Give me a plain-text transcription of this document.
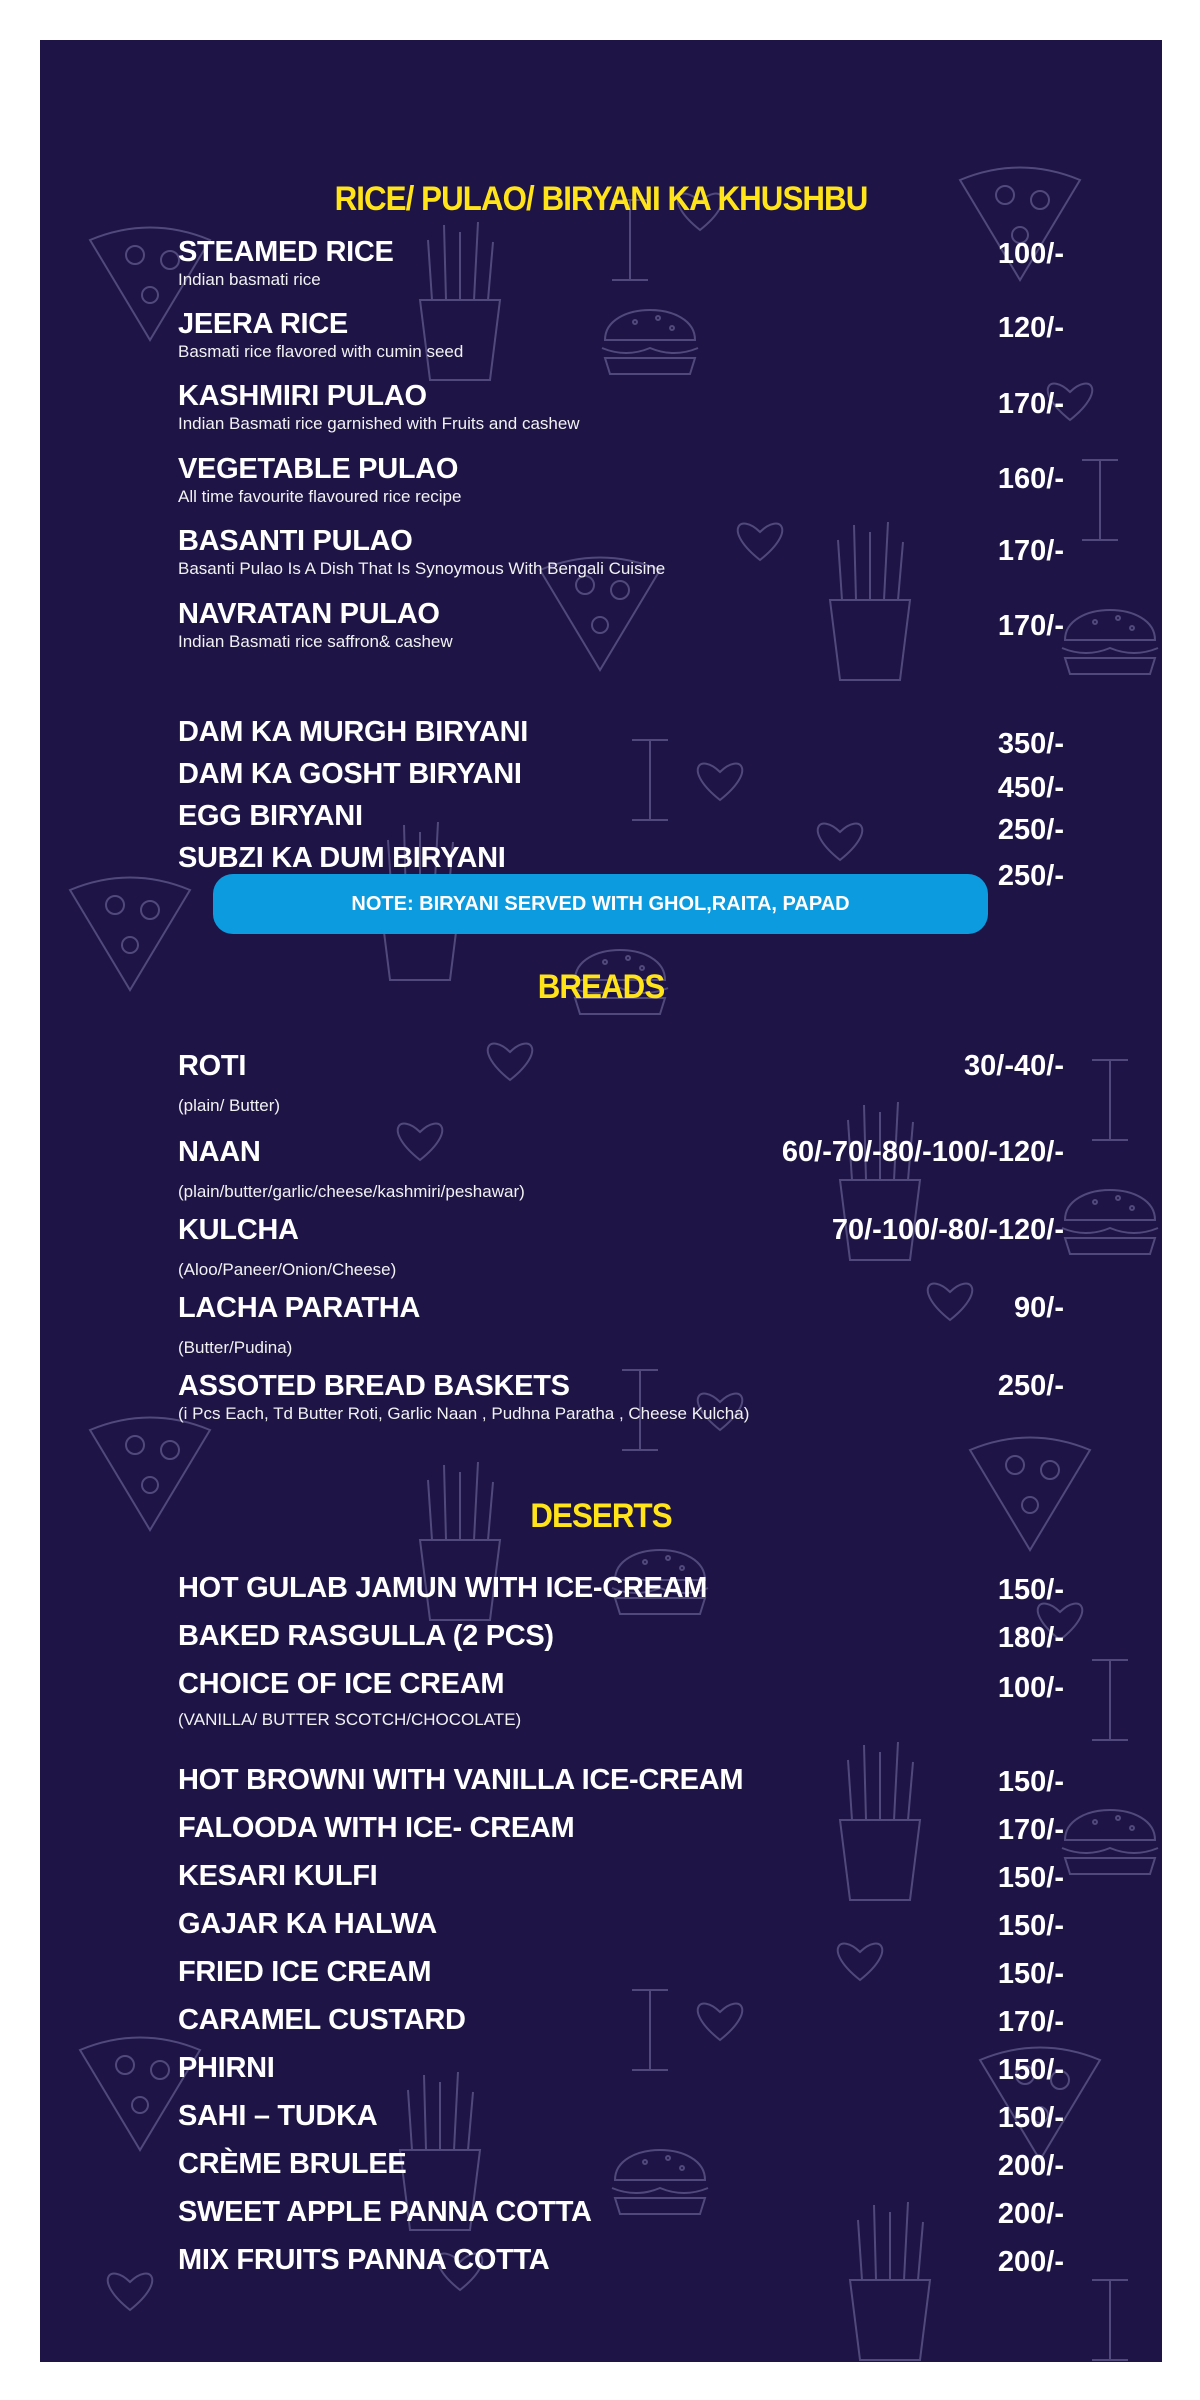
RICE/ PULAO/ BIRYANI KA KHUSHBU
STEAMED RICE
Indian basmati rice
100/-
JEERA RICE
Basmati rice flavored with cumin seed
120/-
KASHMIRI PULAO
Indian Basmati rice garnished with Fruits and cashew
170/-
VEGETABLE PULAO
All time favourite flavoured rice recipe
160/-
BASANTI PULAO
Basanti Pulao Is A Dish That Is Synoymous With Bengali Cuisine
170/-
NAVRATAN PULAO
Indian Basmati rice saffron& cashew	170/-
DAM KA MURGH BIRYANI	350/-
DAM KA GOSHT BIRYANI	450/-
EGG BIRYANI	250/-
SUBZI KA DUM BIRYANI
250/-
NOTE: BIRYANI SERVED WITH GHOL,RAITA, PAPAD
BREADS
ROTI
(plain/ Butter)
30/-40/-
NAAN
(plain/butter/garlic/cheese/kashmiri/peshawar)
60/-70/-80/-100/-120/-
KULCHA
(Aloo/Paneer/Onion/Cheese)
70/-100/-80/-120/-
LACHA PARATHA
(Butter/Pudina)
90/-
ASSOTED BREAD BASKETS
(i Pcs Each, Td Butter Roti, Garlic Naan , Pudhna Paratha , Cheese Kulcha)
250/-
DESERTS
HOT GULAB JAMUN WITH ICE-CREAM	150/-
BAKED RASGULLA (2 PCS)	180/-
CHOICE OF ICE CREAM
(VANILLA/ BUTTER SCOTCH/CHOCOLATE)
100/-
HOT BROWNI WITH VANILLA ICE-CREAM	150/-
FALOODA WITH ICE- CREAM	170/-
KESARI KULFI	150/-
GAJAR KA HALWA	150/-
FRIED ICE CREAM	150/-
CARAMEL CUSTARD	170/-
PHIRNI	150/-
SAHI – TUDKA	150/-
CRÈME BRULEE	200/-
SWEET APPLE PANNA COTTA	200/-
MIX FRUITS PANNA COTTA	200/-
